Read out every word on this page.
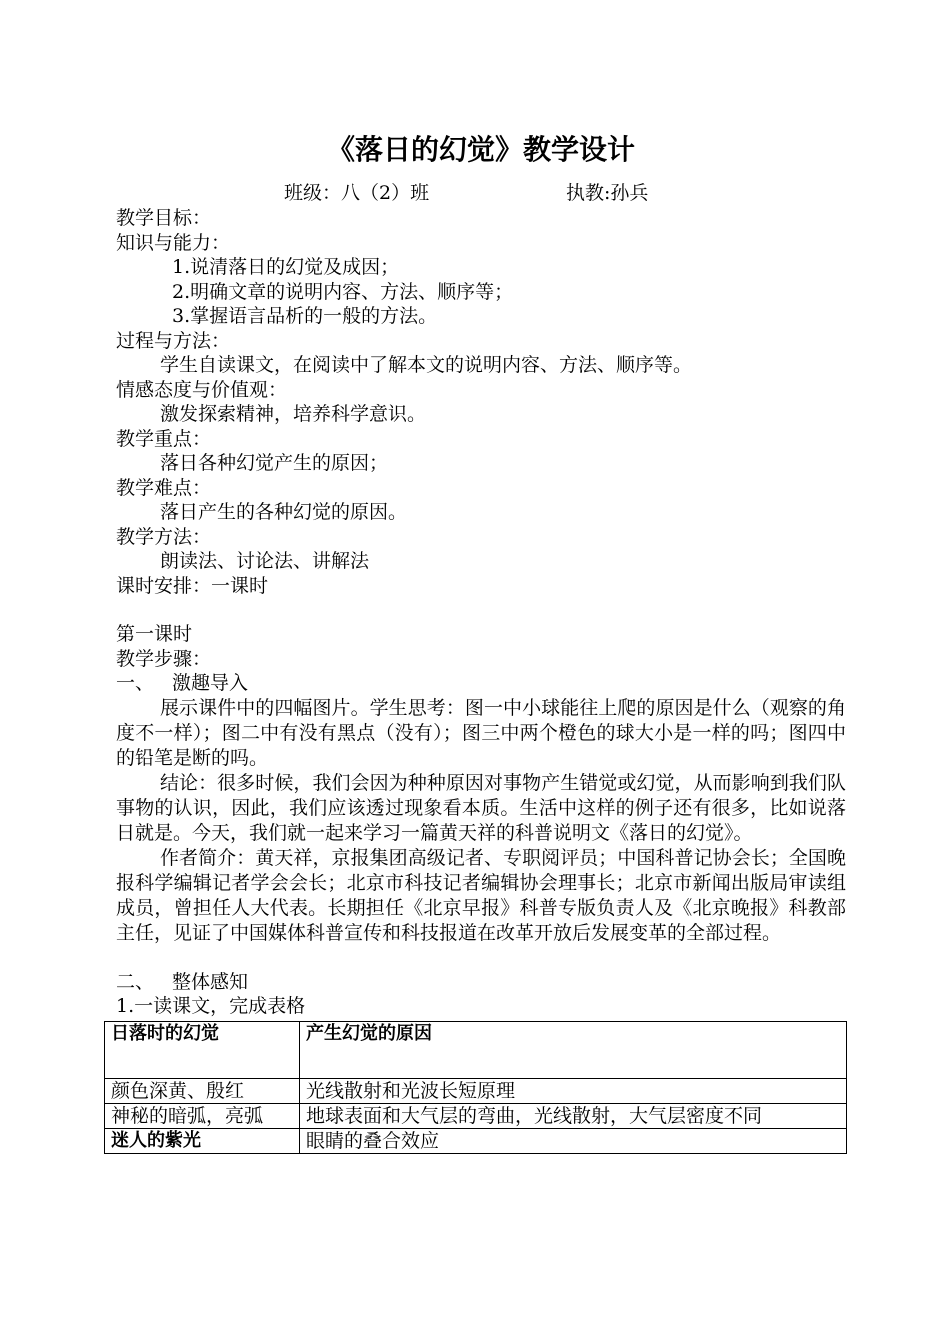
《落日的幻觉》教学设计
班级：八（2）班	执教:孙兵
教学目标：
知识与能力：
1.说清落日的幻觉及成因；
2.明确文章的说明内容、方法、顺序等；
3.掌握语言品析的一般的方法。
过程与方法：
学生自读课文，在阅读中了解本文的说明内容、方法、顺序等。
情感态度与价值观：
激发探索精神，培养科学意识。
教学重点：
落日各种幻觉产生的原因；
教学难点：
落日产生的各种幻觉的原因。
教学方法：
朗读法、讨论法、讲解法
课时安排：一课时
第一课时
教学步骤：
一、 激趣导入

展示课件中的四幅图片。学生思考：图一中小球能往上爬的原因是什么（观察的角度不一样）；图二中有没有黑点（没有）；图三中两个橙色的球大小是一样的吗；图四中的铅笔是断的吗。

结论：很多时候，我们会因为种种原因对事物产生错觉或幻觉，从而影响到我们队事物的认识，因此，我们应该透过现象看本质。生活中这样的例子还有很多，比如说落日就是。今天，我们就一起来学习一篇黄天祥的科普说明文《落日的幻觉》。

作者简介：黄天祥，京报集团高级记者、专职阅评员；中国科普记协会长；全国晚报科学编辑记者学会会长；北京市科技记者编辑协会理事长；北京市新闻出版局审读组成员，曾担任人大代表。长期担任《北京早报》科普专版负责人及《北京晚报》科教部主任，见证了中国媒体科普宣传和科技报道在改革开放后发展变革的全部过程。

二、 整体感知
1.一读课文，完成表格
日落时的幻觉	产生幻觉的原因
颜色深黄、殷红	光线散射和光波长短原理
神秘的暗弧，亮弧	地球表面和大气层的弯曲，光线散射，大气层密度不同
迷人的紫光	眼睛的叠合效应
